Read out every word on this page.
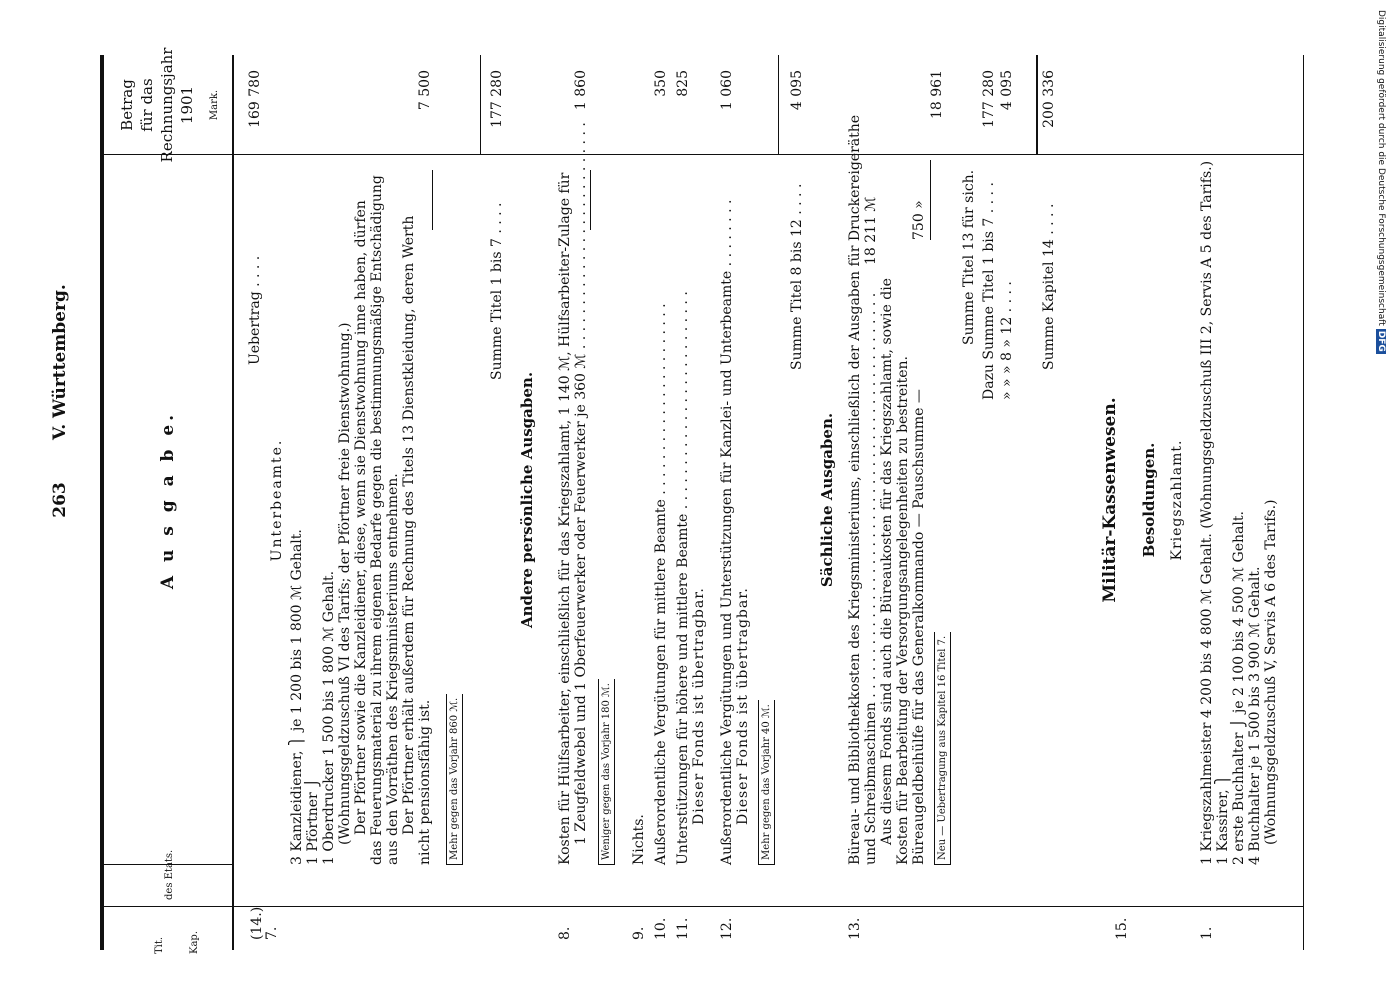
V. Württemberg.
263
Kap.
Tit.
des Etats.
Betrag für das Rechnungsjahr 1901 Mark.
(14.)
A u s g a b e.
Uebertrag . . . .
169 780
7.
Unterbeamte.
3 Kanzleidiener, ⎫ je 1 200 bis 1 800 ℳ Gehalt. 1 Pförtner ⎭ 1 Oberdrucker 1 500 bis 1 800 ℳ Gehalt. (Wohnungsgeldzuschuß VI des Tarifs; der Pförtner freie Dienstwohnung.) Der Pförtner sowie die Kanzleidiener, diese, wenn sie Dienstwohnung inne haben, dürfen das Feuerungsmaterial zu ihrem eigenen Bedarfe gegen die bestimmungsmäßige Entschädigung aus den Vorräthen des Kriegsministeriums entnehmen. Der Pförtner erhält außerdem für Rechnung des Titels 13 Dienstkleidung, deren Werth nicht pensionsfähig ist.
7 500
Mehr gegen das Vorjahr 860 ℳ.
Summe Titel 1 bis 7 . . . .
177 280
Andere persönliche Ausgaben.
8.
Kosten für Hülfsarbeiter, einschließlich für das Kriegszahlamt, 1 140 ℳ, Hülfsarbeiter-Zulage für 1 Zeugfeldwebel und 1 Oberfeuerwerker oder Feuerwerker je 360 ℳ . . . . . . . . . . . . . . . . . . . . . . . . . .
1 860
Weniger gegen das Vorjahr 180 ℳ.
9.
Nichts.
10.
Außerordentliche Vergütungen für mittlere Beamte . . . . . . . . . . . . . . . . . . . . . .
350
11.
Unterstützungen für höhere und mittlere Beamte . . . . . . . . . . . . . . . . . . . . . . . . . Dieser Fonds ist übertragbar.
825
12.
Außerordentliche Vergütungen und Unterstützungen für Kanzlei- und Unterbeamte . . . . . . . . Dieser Fonds ist übertragbar.
1 060
Mehr gegen das Vorjahr 40 ℳ.
Summe Titel 8 bis 12 . . . .
4 095
Sächliche Ausgaben.
13.
Büreau- und Bibliothekkosten des Kriegsministeriums, einschließlich der Ausgaben für Druckereigeräthe und Schreibmaschinen . . . . . . . . . . . . . . . . . . . . . . . . . . . . . . . . . . . . . . . . . . . . . .
18 211 ℳ
Aus diesem Fonds sind auch die Büreaukosten für das Kriegszahlamt, sowie die Kosten für Bearbeitung der Versorgungsangelegenheiten zu bestreiten. Büreaugeldbeihülfe für das Generalkommando — Pauschsumme —
750 »
18 961
Neu — Uebertragung aus Kapitel 16 Titel 7.
Summe Titel 13 für sich. Dazu Summe Titel 1 bis 7 . . . .
177 280
» » » 8 » 12 . . . .
4 095
Summe Kapitel 14 . . . .
200 336
15.
Militär-Kassenwesen. Besoldungen. Kriegszahlamt.
1.
1 Kriegszahlmeister 4 200 bis 4 800 ℳ Gehalt. (Wohnungsgeldzuschuß III 2, Servis A 5 des Tarifs.) 1 Kassirer, ⎫ 2 erste Buchhalter ⎭ je 2 100 bis 4 500 ℳ Gehalt. 4 Buchhalter je 1 500 bis 3 900 ℳ Gehalt. (Wohnungsgeldzuschuß V, Servis A 6 des Tarifs.)
Digitalisierung gefördert durch die Deutsche ForschungsgemeinschaftDFG
